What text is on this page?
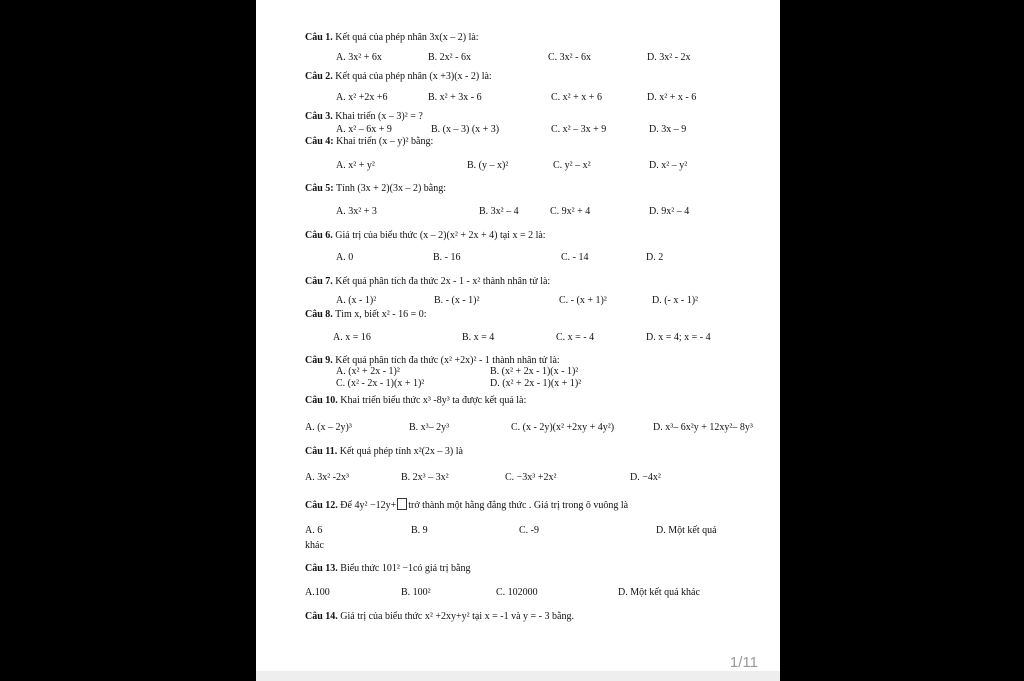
Câu 1. Kết quả của phép nhân 3x(x – 2) là:
A. 3x² + 6x	B. 2x² - 6x	C. 3x² - 6x	D. 3x² - 2x
Câu 2. Kết quả của phép nhân (x +3)(x - 2) là:
A. x² +2x +6	B. x² + 3x - 6	C. x² + x + 6	D. x² + x - 6
Câu 3. Khai triển (x – 3)² = ?
A. x² – 6x + 9	B. (x – 3) (x + 3)	C. x² – 3x + 9	D. 3x – 9
Câu 4: Khai triển (x – y)² bằng:
A. x² + y²	B. (y – x)²	C. y² – x²	D. x² – y²
Câu 5: Tính (3x + 2)(3x – 2) bằng:
A. 3x² + 3	B. 3x² – 4	C. 9x² + 4	D. 9x² – 4
Câu 6. Giá trị của biểu thức (x – 2)(x² + 2x + 4) tại x = 2 là:
A. 0	B. - 16	C. - 14	D. 2
Câu 7. Kết quả phân tích đa thức 2x - 1 - x² thành nhân tử là:
A. (x - 1)²	B. - (x - 1)²	C. - (x + 1)²	D. (- x - 1)²
Câu 8. Tìm x, biết x² - 16 = 0:
A. x = 16	B. x = 4	C. x = - 4	D. x = 4; x = - 4
Câu 9. Kết quả phân tích đa thức (x² +2x)² - 1 thành nhân tử là:
A. (x² + 2x - 1)²	B. (x² + 2x - 1)(x - 1)²
C. (x² - 2x - 1)(x + 1)²	D. (x² + 2x - 1)(x + 1)²
Câu 10. Khai triển biểu thức x³ -8y³ ta được kết quả là:
A. (x – 2y)³	B. x³– 2y³	C. (x - 2y)(x² +2xy + 4y²)	D. x³– 6x²y + 12xy²– 8y³
Câu 11. Kết quả phép tính x²(2x – 3) là
A. 3x² -2x³	B. 2x³ – 3x²	C. −3x³ +2x²	D. −4x²
Câu 12. Để 4y² −12y+ trở thành một hằng đẳng thức . Giá trị trong ô vuông là
A. 6	B. 9	C. -9	D. Một kết quả
khác
Câu 13. Biểu thức 101² −1có giá trị bằng
A.100	B. 100²	C. 102000	D. Một kết quả khác
Câu 14. Giá trị của biểu thức x² +2xy+y² tại x = -1 và y = - 3 bằng.
1/11
